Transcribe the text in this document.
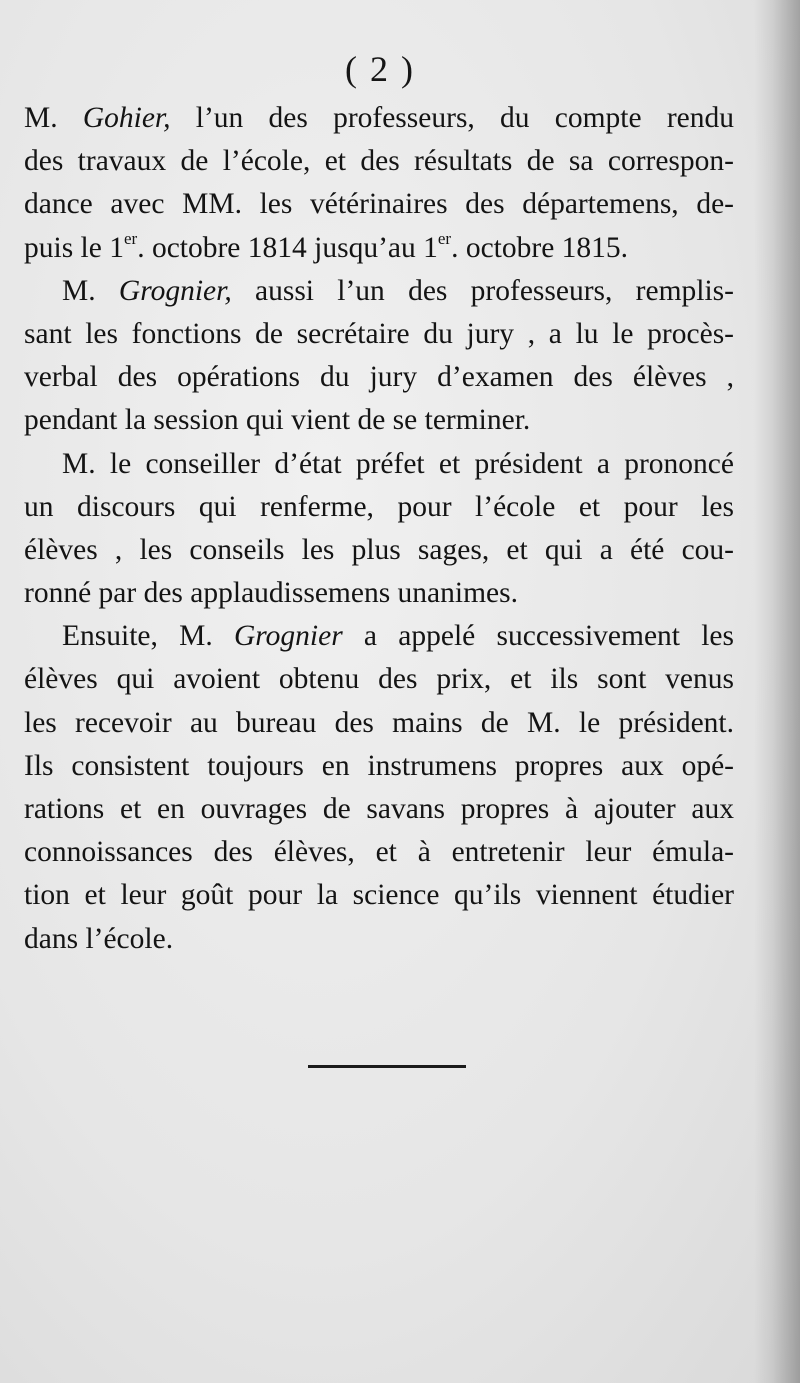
( 2 )
M. Gohier, l’un des professeurs, du compte rendu
des travaux de l’école, et des résultats de sa correspon-
dance avec MM. les vétérinaires des départemens, de-
puis le 1er. octobre 1814 jusqu’au 1er. octobre 1815.
M. Grognier, aussi l’un des professeurs, remplis-
sant les fonctions de secrétaire du jury , a lu le procès-
verbal des opérations du jury d’examen des élèves ,
pendant la session qui vient de se terminer.
M. le conseiller d’état préfet et président a prononcé
un discours qui renferme, pour l’école et pour les
élèves , les conseils les plus sages, et qui a été cou-
ronné par des applaudissemens unanimes.
Ensuite, M. Grognier a appelé successivement les
élèves qui avoient obtenu des prix, et ils sont venus
les recevoir au bureau des mains de M. le président.
Ils consistent toujours en instrumens propres aux opé-
rations et en ouvrages de savans propres à ajouter aux
connoissances des élèves, et à entretenir leur émula-
tion et leur goût pour la science qu’ils viennent étudier
dans l’école.
